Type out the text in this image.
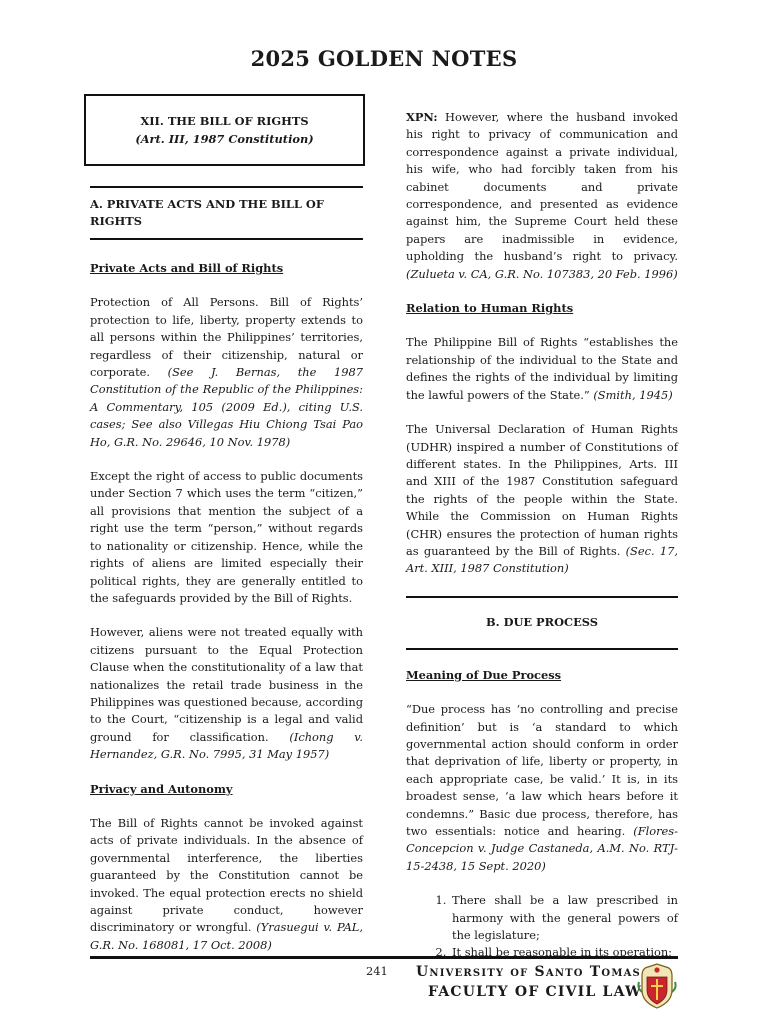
2025 GOLDEN NOTES
XII. THE BILL OF RIGHTS
(Art. III, 1987 Constitution)
A. PRIVATE ACTS AND THE BILL OF RIGHTS
Private Acts and Bill of Rights

Protection of All Persons. Bill of Rights’ protection to life, liberty, property extends to all persons within the Philippines’ territories, regardless of their citizenship, natural or corporate. (See J. Bernas, the 1987 Constitution of the Republic of the Philippines: A Commentary, 105 (2009 Ed.), citing U.S. cases; See also Villegas Hiu Chiong Tsai Pao Ho, G.R. No. 29646, 10 Nov. 1978)

Except the right of access to public documents under Section 7 which uses the term “citizen,” all provisions that mention the subject of a right use the term “person,” without regards to nationality or citizenship. Hence, while the rights of aliens are limited especially their political rights, they are generally entitled to the safeguards provided by the Bill of Rights.

However, aliens were not treated equally with citizens pursuant to the Equal Protection Clause when the constitutionality of a law that nationalizes the retail trade business in the Philippines was questioned because, according to the Court, “citizenship is a legal and valid ground for classification. (Ichong v. Hernandez, G.R. No. 7995, 31 May 1957)

Privacy and Autonomy

The Bill of Rights cannot be invoked against acts of private individuals. In the absence of governmental interference, the liberties guaranteed by the Constitution cannot be invoked. The equal protection erects no shield against private conduct, however discriminatory or wrongful. (Yrasuegui v. PAL, G.R. No. 168081, 17 Oct. 2008)

XPN: However, where the husband invoked his right to privacy of communication and correspondence against a private individual, his wife, who had forcibly taken from his cabinet documents and private correspondence, and presented as evidence against him, the Supreme Court held these papers are inadmissible in evidence, upholding the husband’s right to privacy. (Zulueta v. CA, G.R. No. 107383, 20 Feb. 1996)

Relation to Human Rights

The Philippine Bill of Rights “establishes the relationship of the individual to the State and defines the rights of the individual by limiting the lawful powers of the State.” (Smith, 1945)

The Universal Declaration of Human Rights (UDHR) inspired a number of Constitutions of different states. In the Philippines, Arts. III and XIII of the 1987 Constitution safeguard the rights of the people within the State. While the Commission on Human Rights (CHR) ensures the protection of human rights as guaranteed by the Bill of Rights. (Sec. 17, Art. XIII, 1987 Constitution)

B. DUE PROCESS
Meaning of Due Process

“Due process has ‘no controlling and precise definition’ but is ‘a standard to which governmental action should conform in order that deprivation of life, liberty or property, in each appropriate case, be valid.’ It is, in its broadest sense, ‘a law which hears before it condemns.” Basic due process, therefore, has two essentials: notice and hearing. (Flores-Concepcion v. Judge Castaneda, A.M. No. RTJ-15-2438, 15 Sept. 2020)

1. There shall be a law prescribed in harmony with the general powers of the legislature;
2. It shall be reasonable in its operation;
241 University of Santo Tomas
FACULTY OF CIVIL LAW
